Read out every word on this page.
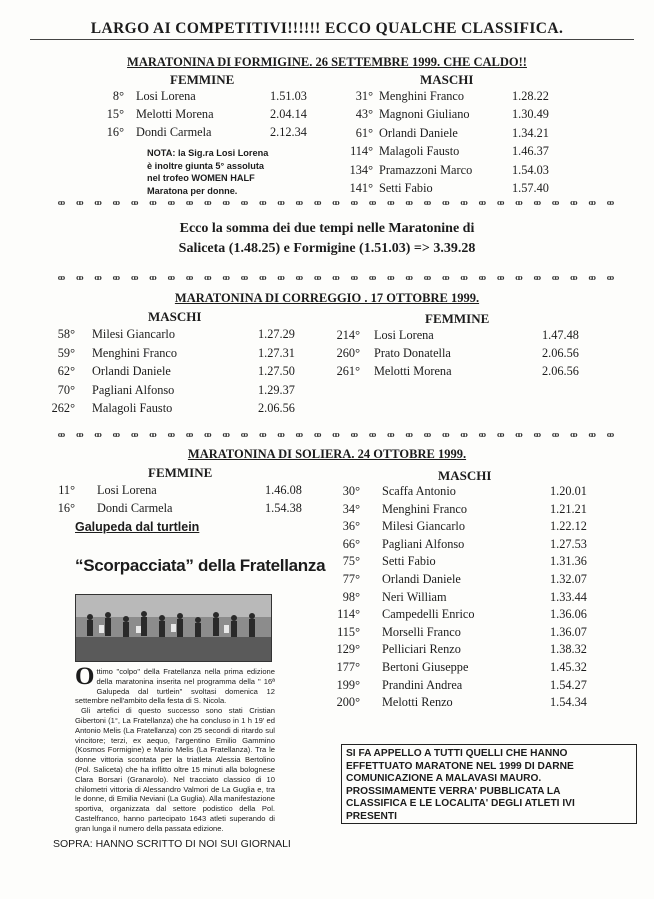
LARGO AI COMPETITIVI!!!!!! ECCO QUALCHE CLASSIFICA.
MARATONINA DI FORMIGINE. 26 SETTEMBRE 1999. CHE CALDO!!
FEMMINE	MASCHI
8° Losi Lorena	1.51.03
15° Melotti Morena	2.04.14
16° Dondi Carmela	2.12.34
31° Menghini Franco	1.28.22
43° Magnoni Giuliano	1.30.49
61° Orlandi Daniele	1.34.21
114° Malagoli Fausto	1.46.37
134° Pramazzoni Marco	1.54.03
141° Setti Fabio	1.57.40
NOTA: la Sig.ra Losi Lorena
è inoltre giunta 5° assoluta
nel trofeo WOMEN HALF
Maratona per donne.
ꝏ	ꝏ	ꝏ	ꝏ	ꝏ	ꝏ	ꝏ	ꝏ	ꝏ	ꝏ	ꝏ	ꝏ	ꝏ	ꝏ	ꝏ	ꝏ	ꝏ	ꝏ	ꝏ	ꝏ	ꝏ	ꝏ	ꝏ	ꝏ	ꝏ	ꝏ	ꝏ	ꝏ	ꝏ	ꝏ	ꝏ
Ecco la somma dei due tempi nelle Maratonine di
Saliceta (1.48.25) e Formigine (1.51.03) => 3.39.28
ꝏ	ꝏ	ꝏ	ꝏ	ꝏ	ꝏ	ꝏ	ꝏ	ꝏ	ꝏ	ꝏ	ꝏ	ꝏ	ꝏ	ꝏ	ꝏ	ꝏ	ꝏ	ꝏ	ꝏ	ꝏ	ꝏ	ꝏ	ꝏ	ꝏ	ꝏ	ꝏ	ꝏ	ꝏ	ꝏ	ꝏ
MARATONINA DI CORREGGIO . 17 OTTOBRE 1999.
MASCHI	FEMMINE
58° Milesi Giancarlo	1.27.29
59° Menghini Franco	1.27.31
62° Orlandi Daniele	1.27.50
70° Pagliani Alfonso	1.29.37
262° Malagoli Fausto	2.06.56
214° Losi Lorena	1.47.48
260° Prato Donatella	2.06.56
261° Melotti Morena	2.06.56
ꝏ	ꝏ	ꝏ	ꝏ	ꝏ	ꝏ	ꝏ	ꝏ	ꝏ	ꝏ	ꝏ	ꝏ	ꝏ	ꝏ	ꝏ	ꝏ	ꝏ	ꝏ	ꝏ	ꝏ	ꝏ	ꝏ	ꝏ	ꝏ	ꝏ	ꝏ	ꝏ	ꝏ	ꝏ	ꝏ	ꝏ
MARATONINA DI SOLIERA. 24 OTTOBRE 1999.
FEMMINE	MASCHI
11° Losi Lorena	1.46.08
16° Dondi Carmela	1.54.38
30° Scaffa Antonio	1.20.01
34° Menghini Franco	1.21.21
36° Milesi Giancarlo	1.22.12
66° Pagliani Alfonso	1.27.53
75° Setti Fabio	1.31.36
77° Orlandi Daniele	1.32.07
98° Neri William	1.33.44
114° Campedelli Enrico	1.36.06
115° Morselli Franco	1.36.07
129° Pelliciari Renzo	1.38.32
177° Bertoni Giuseppe	1.45.32
199° Prandini Andrea	1.54.27
200° Melotti Renzo	1.54.34
Galupeda dal turtlein
“Scorpacciata” della Fratellanza

Ottimo "colpo" della Fratellanza nella prima edizione della maratonina inserita nel programma della " 16ª Galupeda dal turtlein" svoltasi domenica 12 settembre nell'ambito della festa di S. Nicola.

Gli artefici di questo successo sono stati Cristian Gibertoni (1°, La Fratellanza) che ha concluso in 1 h 19' ed Antonio Melis (La Fratellanza) con 25 secondi di ritardo sul vincitore; terzi, ex aequo, l'argentino Emilio Gammino (Kosmos Formigine) e Mario Melis (La Fratellanza). Tra le donne vittoria scontata per la triatleta Alessia Bertolino (Pol. Saliceta) che ha inflitto oltre 15 minuti alla bolognese Clara Borsari (Granarolo). Nel tracciato classico di 10 chilometri vittoria di Alessandro Valmori de La Guglia e, tra le donne, di Emilia Neviani (La Guglia). Alla manifestazione sportiva, organizzata dal settore podistico della Pol. Castelfranco, hanno partecipato 1643 atleti superando di gran lunga il numero della passata edizione.

SOPRA: HANNO SCRITTO DI NOI SUI GIORNALI
SI FA APPELLO A TUTTI QUELLI CHE HANNO
EFFETTUATO MARATONE NEL 1999 DI DARNE
COMUNICAZIONE A MALAVASI MAURO.
PROSSIMAMENTE VERRA' PUBBLICATA LA
CLASSIFICA E LE LOCALITA' DEGLI ATLETI IVI
PRESENTI
